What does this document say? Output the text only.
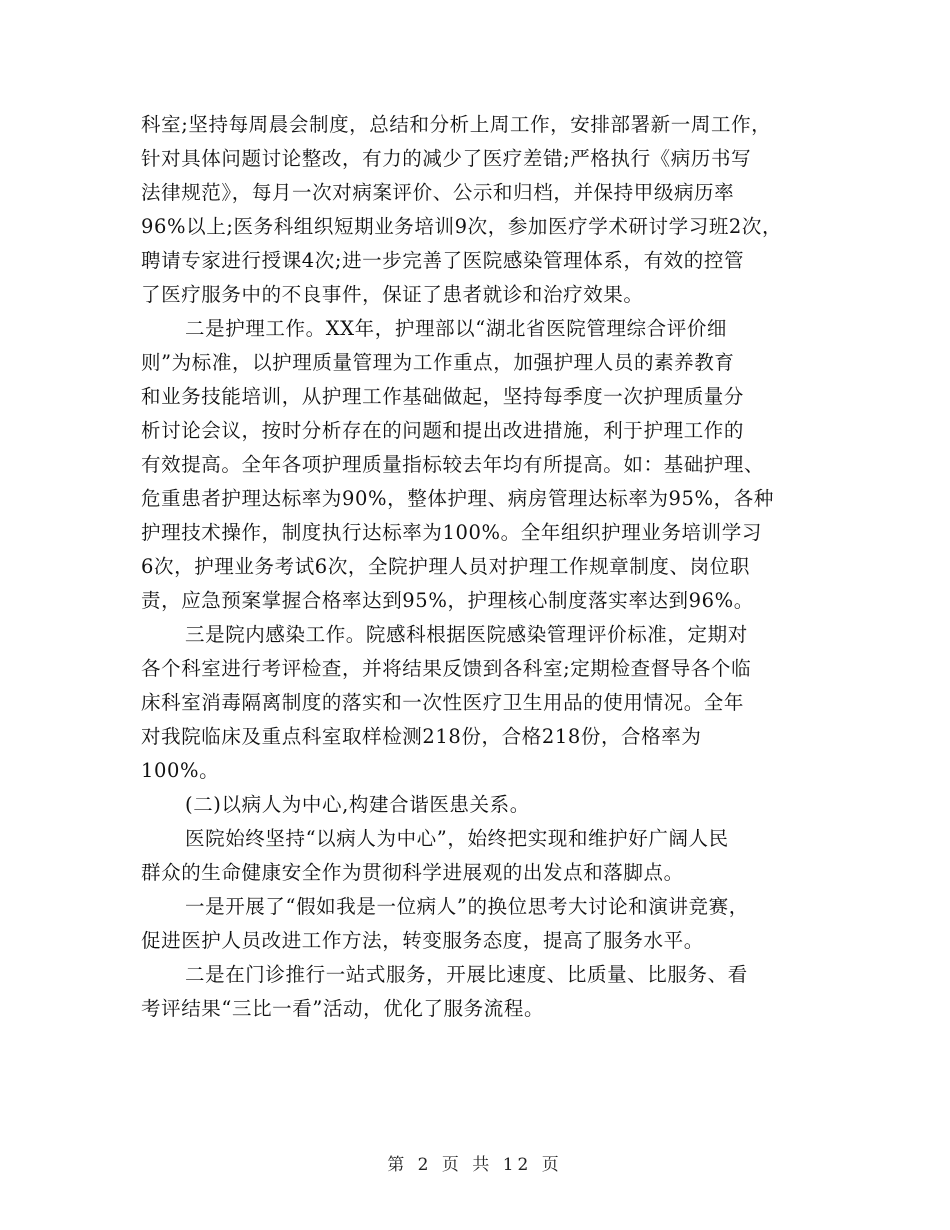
科室;坚持每周晨会制度，总结和分析上周工作，安排部署新一周工作，
针对具体问题讨论整改，有力的减少了医疗差错;严格执行《病历书写
法律规范》，每月一次对病案评价、公示和归档，并保持甲级病历率
96%以上;医务科组织短期业务培训9次，参加医疗学术研讨学习班2次，
聘请专家进行授课4次;进一步完善了医院感染管理体系，有效的控管
了医疗服务中的不良事件，保证了患者就诊和治疗效果。
二是护理工作。XX年，护理部以“湖北省医院管理综合评价细
则”为标准，以护理质量管理为工作重点，加强护理人员的素养教育
和业务技能培训，从护理工作基础做起，坚持每季度一次护理质量分
析讨论会议，按时分析存在的问题和提出改进措施，利于护理工作的
有效提高。全年各项护理质量指标较去年均有所提高。如：基础护理、
危重患者护理达标率为90%，整体护理、病房管理达标率为95%，各种
护理技术操作，制度执行达标率为100%。全年组织护理业务培训学习
6次，护理业务考试6次，全院护理人员对护理工作规章制度、岗位职
责，应急预案掌握合格率达到95%，护理核心制度落实率达到96%。
三是院内感染工作。院感科根据医院感染管理评价标准，定期对
各个科室进行考评检查，并将结果反馈到各科室;定期检查督导各个临
床科室消毒隔离制度的落实和一次性医疗卫生用品的使用情况。全年
对我院临床及重点科室取样检测218份，合格218份，合格率为
100%。
(二)以病人为中心,构建合谐医患关系。
医院始终坚持“以病人为中心”，始终把实现和维护好广阔人民
群众的生命健康安全作为贯彻科学进展观的出发点和落脚点。
一是开展了“假如我是一位病人”的换位思考大讨论和演讲竞赛，
促进医护人员改进工作方法，转变服务态度，提高了服务水平。
二是在门诊推行一站式服务，开展比速度、比质量、比服务、看
考评结果“三比一看”活动，优化了服务流程。
第 2 页 共 12 页
